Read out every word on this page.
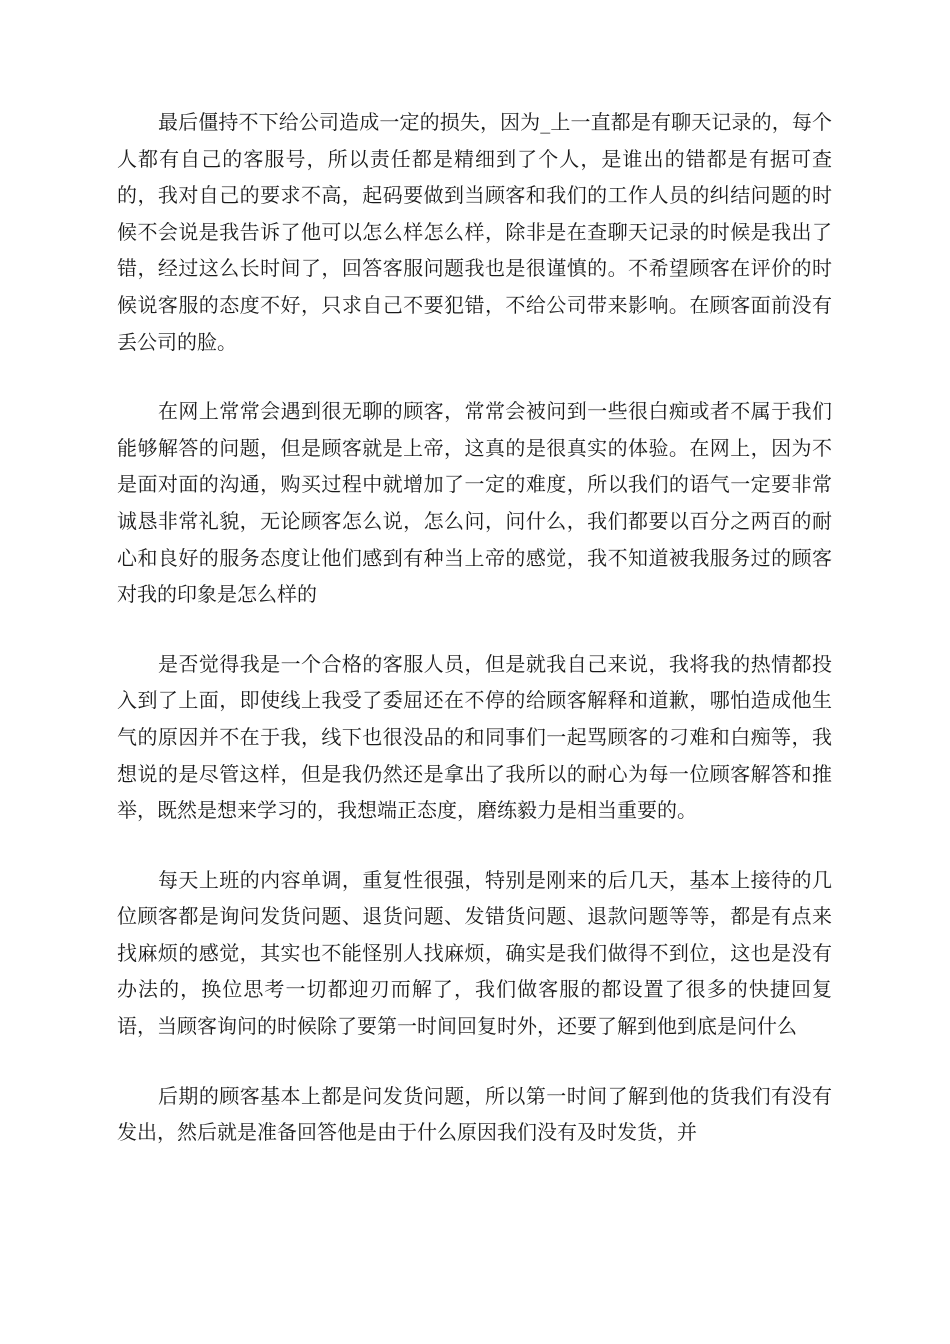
最后僵持不下给公司造成一定的损失，因为_上一直都是有聊天记录的，每个人都有自己的客服号，所以责任都是精细到了个人，是谁出的错都是有据可查的，我对自己的要求不高，起码要做到当顾客和我们的工作人员的纠结问题的时候不会说是我告诉了他可以怎么样怎么样，除非是在查聊天记录的时候是我出了错，经过这么长时间了，回答客服问题我也是很谨慎的。不希望顾客在评价的时候说客服的态度不好，只求自己不要犯错，不给公司带来影响。在顾客面前没有丢公司的脸。

在网上常常会遇到很无聊的顾客，常常会被问到一些很白痴或者不属于我们能够解答的问题，但是顾客就是上帝，这真的是很真实的体验。在网上，因为不是面对面的沟通，购买过程中就增加了一定的难度，所以我们的语气一定要非常诚恳非常礼貌，无论顾客怎么说，怎么问，问什么，我们都要以百分之两百的耐心和良好的服务态度让他们感到有种当上帝的感觉，我不知道被我服务过的顾客对我的印象是怎么样的

是否觉得我是一个合格的客服人员，但是就我自己来说，我将我的热情都投入到了上面，即使线上我受了委屈还在不停的给顾客解释和道歉，哪怕造成他生气的原因并不在于我，线下也很没品的和同事们一起骂顾客的刁难和白痴等，我想说的是尽管这样，但是我仍然还是拿出了我所以的耐心为每一位顾客解答和推举，既然是想来学习的，我想端正态度，磨练毅力是相当重要的。

每天上班的内容单调，重复性很强，特别是刚来的后几天，基本上接待的几位顾客都是询问发货问题、退货问题、发错货问题、退款问题等等，都是有点来找麻烦的感觉，其实也不能怪别人找麻烦，确实是我们做得不到位，这也是没有办法的，换位思考一切都迎刃而解了，我们做客服的都设置了很多的快捷回复语，当顾客询问的时候除了要第一时间回复时外，还要了解到他到底是问什么

后期的顾客基本上都是问发货问题，所以第一时间了解到他的货我们有没有发出，然后就是准备回答他是由于什么原因我们没有及时发货，并
